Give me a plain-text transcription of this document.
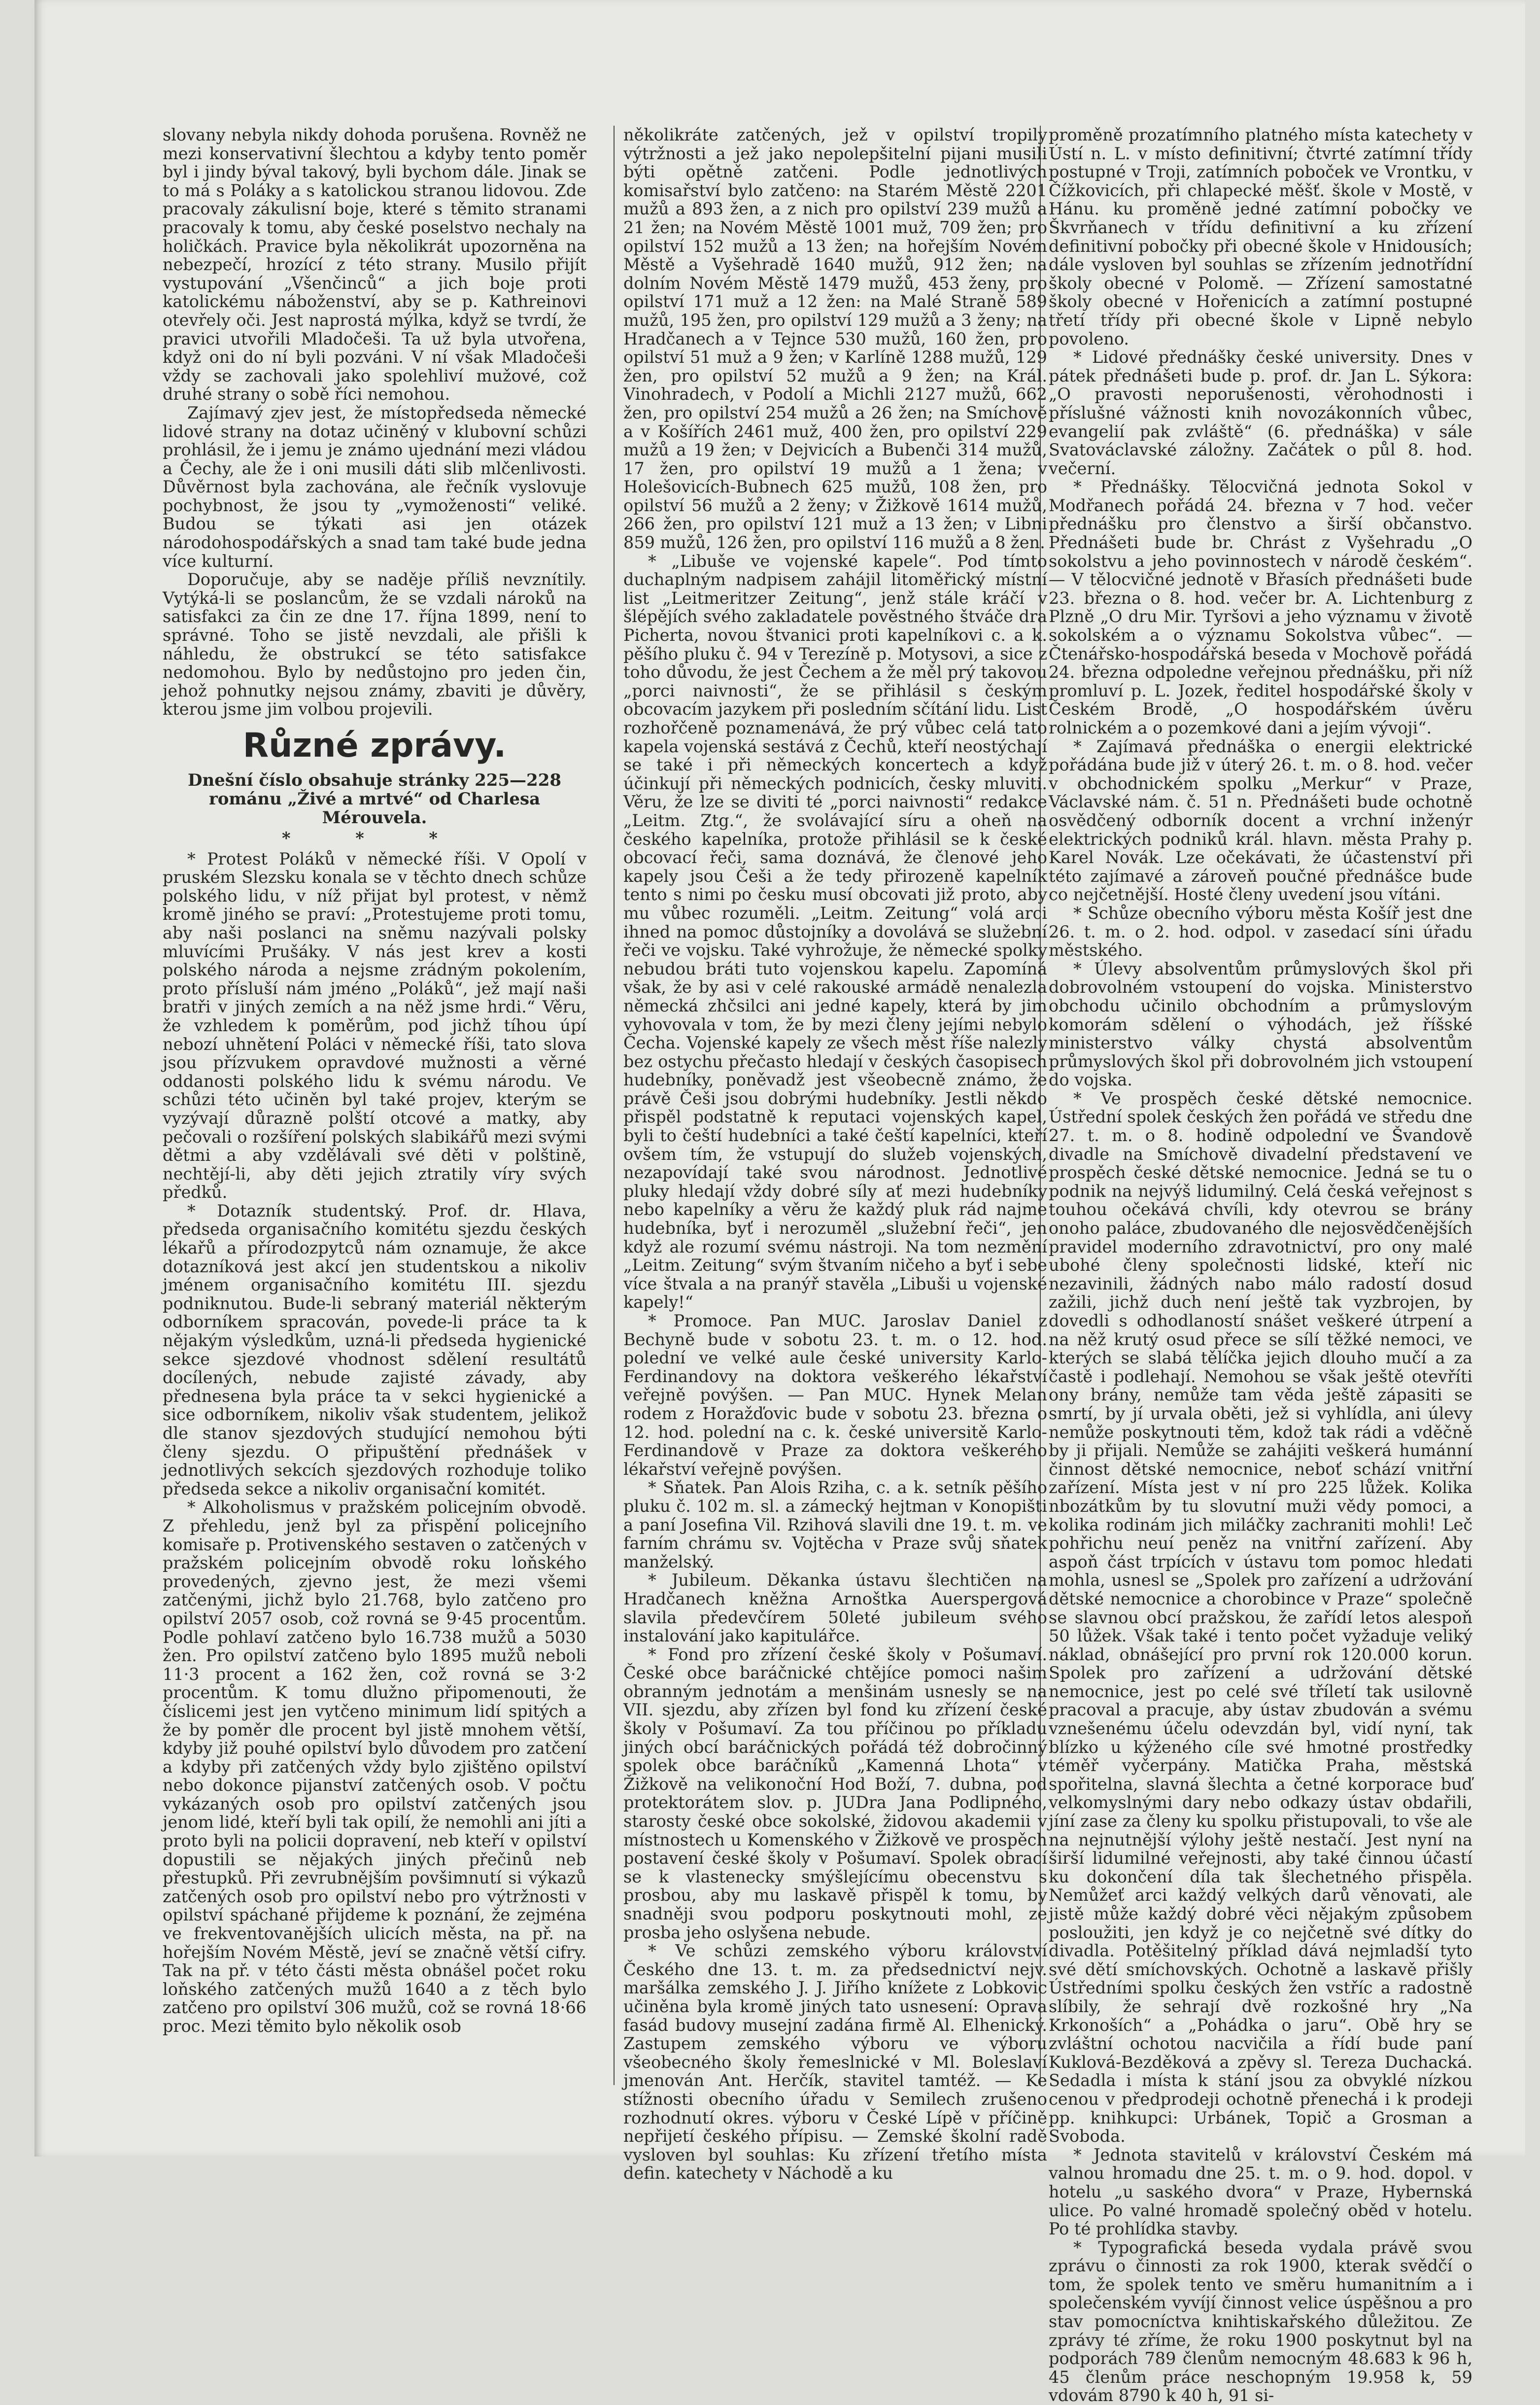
slovany nebyla nikdy dohoda porušena. Rovněž ne mezi konservativní šlechtou a kdyby tento poměr byl i jindy býval takový, byli bychom dále. Jinak se to má s Poláky a s katolickou stranou lidovou. Zde pracovaly zákulisní boje, které s těmito stranami pracovaly k tomu, aby české poselstvo nechaly na holičkách. Pravice byla několikrát upozorněna na nebezpečí, hrozící z této strany. Musilo přijít vystupování „Všenčinců“ a jich boje proti katolickému náboženství, aby se p. Kathreinovi otevřely oči. Jest naprostá mýlka, když se tvrdí, že pravici utvořili Mladočeši. Ta už byla utvořena, když oni do ní byli pozváni. V ní však Mladočeši vždy se zachovali jako spolehliví mužové, což druhé strany o sobě říci nemohou.

Zajímavý zjev jest, že místopředseda německé lidové strany na dotaz učiněný v klubovní schůzi prohlásil, že i jemu je známo ujednání mezi vládou a Čechy, ale že i oni musili dáti slib mlčenlivosti. Důvěrnost byla zachována, ale řečník vyslovuje pochybnost, že jsou ty „vymoženosti“ veliké. Budou se týkati asi jen otázek národohospodářských a snad tam také bude jedna více kulturní.

Doporučuje, aby se naděje příliš nevznítily. Vytýká-li se poslancům, že se vzdali nároků na satisfakci za čin ze dne 17. října 1899, není to správné. Toho se jistě nevzdali, ale přišli k náhledu, že obstrukcí se této satisfakce nedomohou. Bylo by nedůstojno pro jeden čin, jehož pohnutky nejsou známy, zbaviti je důvěry, kterou jsme jim volbou projevili.

Různé zprávy.

Dnešní číslo obsahuje stránky 225—228 románu „Živé a mrtvé“ od Charlesa Mérouvela.

* * *

* Protest Poláků v německé říši. V Opolí v pruském Slezsku konala se v těchto dnech schůze polského lidu, v níž přijat byl protest, v němž kromě jiného se praví: „Protestujeme proti tomu, aby naši poslanci na sněmu nazývali polsky mluvícími Prušáky. V nás jest krev a kosti polského národa a nejsme zrádným pokolením, proto přísluší nám jméno „Poláků“, jež mají naši bratři v jiných zemích a na něž jsme hrdi.“ Věru, že vzhledem k poměrům, pod jichž tíhou úpí nebozí uhnětení Poláci v německé říši, tato slova jsou přízvukem opravdové mužnosti a věrné oddanosti polského lidu k svému národu. Ve schůzi této učiněn byl také projev, kterým se vyzývají důrazně polští otcové a matky, aby pečovali o rozšíření polských slabikářů mezi svými dětmi a aby vzdělávali své děti v polštině, nechtějí-li, aby děti jejich ztratily víry svých předků.

* Dotazník studentský. Prof. dr. Hlava, předseda organisačního komitétu sjezdu českých lékařů a přírodozpytců nám oznamuje, že akce dotazníková jest akcí jen studentskou a nikoliv jménem organisačního komitétu III. sjezdu podniknutou. Bude-li sebraný materiál některým odborníkem spracován, povede-li práce ta k nějakým výsledkům, uzná-li předseda hygienické sekce sjezdové vhodnost sdělení resultátů docílených, nebude zajisté závady, aby přednesena byla práce ta v sekci hygienické a sice odborníkem, nikoliv však studentem, jelikož dle stanov sjezdových studující nemohou býti členy sjezdu. O připuštění přednášek v jednotlivých sekcích sjezdových rozhoduje toliko předseda sekce a nikoliv organisační komitét.

* Alkoholismus v pražském policejním obvodě. Z přehledu, jenž byl za přispění policejního komisaře p. Protivenského sestaven o zatčených v pražském policejním obvodě roku loňského provedených, zjevno jest, že mezi všemi zatčenými, jichž bylo 21.768, bylo zatčeno pro opilství 2057 osob, což rovná se 9·45 procentům. Podle pohlaví zatčeno bylo 16.738 mužů a 5030 žen. Pro opilství zatčeno bylo 1895 mužů neboli 11·3 procent a 162 žen, což rovná se 3·2 procentům. K tomu dlužno připomenouti, že číslicemi jest jen vytčeno minimum lidí spitých a že by poměr dle procent byl jistě mnohem větší, kdyby již pouhé opilství bylo důvodem pro zatčení a kdyby při zatčených vždy bylo zjištěno opilství nebo dokonce pijanství zatčených osob. V počtu vykázaných osob pro opilství zatčených jsou jenom lidé, kteří byli tak opilí, že nemohli ani jíti a proto byli na policii dopravení, neb kteří v opilství dopustili se nějakých jiných přečinů neb přestupků. Při zevrubnějším povšimnutí si výkazů zatčených osob pro opilství nebo pro výtržnosti v opilství spáchané přijdeme k poznání, že zejména ve frekventovanějších ulicích města, na př. na hořejším Novém Městě, jeví se značně větší cifry. Tak na př. v této části města obnášel počet roku loňského zatčených mužů 1640 a z těch bylo zatčeno pro opilství 306 mužů, což se rovná 18·66 proc. Mezi těmito bylo několik osob

několikráte zatčených, jež v opilství tropily výtržnosti a jež jako nepolepšitelní pijani musili býti opětně zatčeni. Podle jednotlivých komisařství bylo zatčeno: na Starém Městě 2201 mužů a 893 žen, a z nich pro opilství 239 mužů a 21 žen; na Novém Městě 1001 muž, 709 žen; pro opilství 152 mužů a 13 žen; na hořejším Novém Městě a Vyšehradě 1640 mužů, 912 žen; na dolním Novém Městě 1479 mužů, 453 ženy, pro opilství 171 muž a 12 žen: na Malé Straně 589 mužů, 195 žen, pro opilství 129 mužů a 3 ženy; na Hradčanech a v Tejnce 530 mužů, 160 žen, pro opilství 51 muž a 9 žen; v Karlíně 1288 mužů, 129 žen, pro opilství 52 mužů a 9 žen; na Král. Vinohradech, v Podolí a Michli 2127 mužů, 662 žen, pro opilství 254 mužů a 26 žen; na Smíchově a v Košířích 2461 muž, 400 žen, pro opilství 229 mužů a 19 žen; v Dejvicích a Bubenči 314 mužů, 17 žen, pro opilství 19 mužů a 1 žena; v Holešovicích-Bubnech 625 mužů, 108 žen, pro opilství 56 mužů a 2 ženy; v Žižkově 1614 mužů, 266 žen, pro opilství 121 muž a 13 žen; v Libni 859 mužů, 126 žen, pro opilství 116 mužů a 8 žen.

* „Libuše ve vojenské kapele“. Pod tímto duchaplným nadpisem zahájil litoměřický místní list „Leitmeritzer Zeitung“, jenž stále kráčí v šlépějích svého zakladatele pověstného štváče dra Picherta, novou štvanici proti kapelníkovi c. a k. pěšího pluku č. 94 v Terezíně p. Motysovi, a sice z toho důvodu, že jest Čechem a že měl prý takovou „porci naivnosti“, že se přihlásil s českým obcovacím jazykem při posledním sčítání lidu. List rozhořčeně poznamenává, že prý vůbec celá tato kapela vojenská sestává z Čechů, kteří neostýchají se také i při německých koncertech a když účinkují při německých podnicích, česky mluviti. Věru, že lze se diviti té „porci naivnosti“ redakce „Leitm. Ztg.“, že svolávající síru a oheň na českého kapelníka, protože přihlásil se k české obcovací řeči, sama doznává, že členové jeho kapely jsou Češi a že tedy přirozeně kapelník tento s nimi po česku musí obcovati již proto, aby mu vůbec rozuměli. „Leitm. Zeitung“ volá arci ihned na pomoc důstojníky a dovolává se služební řeči ve vojsku. Také vyhrožuje, že německé spolky nebudou bráti tuto vojenskou kapelu. Zapomíná však, že by asi v celé rakouské armádě nenalezla německá zhčsilci ani jedné kapely, která by jim vyhovovala v tom, že by mezi členy jejími nebylo Čecha. Vojenské kapely ze všech měst říše nalezly bez ostychu přečasto hledají v českých časopisech hudebníky, poněvadž jest všeobecně známo, že právě Češi jsou dobrými hudebníky. Jestli někdo přispěl podstatně k reputaci vojenských kapel, byli to čeští hudebníci a také čeští kapelníci, kteří ovšem tím, že vstupují do služeb vojenských, nezapovídají také svou národnost. Jednotlivé pluky hledají vždy dobré síly ať mezi hudebníky nebo kapelníky a věru že každý pluk rád najme hudebníka, byť i nerozuměl „služební řeči“, jen když ale rozumí svému nástroji. Na tom nezmění „Leitm. Zeitung“ svým štvaním ničeho a byť i sebe více štvala a na pranýř stavěla „Libuši u vojenské kapely!“

* Promoce. Pan MUC. Jaroslav Daniel z Bechyně bude v sobotu 23. t. m. o 12. hod. polední ve velké aule české university Karlo-Ferdinandovy na doktora veškerého lékařství veřejně povýšen. — Pan MUC. Hynek Melan rodem z Horažďovic bude v sobotu 23. března o 12. hod. polední na c. k. české universitě Karlo-Ferdinandově v Praze za doktora veškerého lékařství veřejně povýšen.

* Sňatek. Pan Alois Rziha, c. a k. setník pěšího pluku č. 102 m. sl. a zámecký hejtman v Konopišti a paní Josefina Vil. Rzihová slavili dne 19. t. m. ve farním chrámu sv. Vojtěcha v Praze svůj sňatek manželský.

* Jubileum. Děkanka ústavu šlechtičen na Hradčanech kněžna Arnoštka Auerspergová slavila předevčírem 50leté jubileum svého instalování jako kapitulářce.

* Fond pro zřízení české školy v Pošumaví. České obce baráčnické chtějíce pomoci našim obranným jednotám a menšinám usnesly se na VII. sjezdu, aby zřízen byl fond ku zřízení české školy v Pošumaví. Za tou příčinou po příkladu jiných obcí baráčnických pořádá též dobročinný spolek obce baráčníků „Kamenná Lhota“ v Žižkově na velikonoční Hod Boží, 7. dubna, pod protektorátem slov. p. JUDra Jana Podlipného, starosty české obce sokolské, židovou akademii v místnostech u Komenského v Žižkově ve prospěch postavení české školy v Pošumaví. Spolek obrací se k vlastenecky smýšlejícímu obecenstvu s prosbou, aby mu laskavě přispěl k tomu, by snadněji svou podporu poskytnouti mohl, ze prosba jeho oslyšena nebude.

* Ve schůzi zemského výboru království Českého dne 13. t. m. za předsednictví nejv. maršálka zemského J. J. Jiřího knížete z Lobkovic učiněna byla kromě jiných tato usnesení: Oprava fasád budovy musejní zadána firmě Al. Elhenický. Zastupem zemského výboru ve výboru všeobecného školy řemeslnické v Ml. Boleslaví jmenován Ant. Herčík, stavitel tamtéž. — Ke stížnosti obecního úřadu v Semilech zrušeno rozhodnutí okres. výboru v České Lípě v příčině nepřijetí českého přípisu. — Zemské školní radě vysloven byl souhlas: Ku zřízení třetího místa defin. katechety v Náchodě a ku

proměně prozatímního platného místa katechety v Ústí n. L. v místo definitivní; čtvrté zatímní třídy postupné v Troji, zatímních poboček ve Vrontku, v Čížkovicích, při chlapecké měšť. škole v Mostě, v Hánu. ku proměně jedné zatímní pobočky ve Škvrňanech v třídu definitivní a ku zřízení definitivní pobočky při obecné škole v Hnidousích; dále vysloven byl souhlas se zřízením jednotřídní školy obecné v Polomě. — Zřízení samostatné školy obecné v Hořenicích a zatímní postupné třetí třídy při obecné škole v Lipně nebylo povoleno.

* Lidové přednášky české university. Dnes v pátek přednášeti bude p. prof. dr. Jan L. Sýkora: „O pravosti neporušenosti, věrohodnosti i příslušné vážnosti knih novozákonních vůbec, evangelií pak zvláště“ (6. přednáška) v sále Svatováclavské záložny. Začátek o půl 8. hod. večerní.

* Přednášky. Tělocvičná jednota Sokol v Modřanech pořádá 24. března v 7 hod. večer přednášku pro členstvo a širší občanstvo. Přednášeti bude br. Chrást z Vyšehradu „O sokolstvu a jeho povinnostech v národě českém“. — V tělocvičné jednotě v Břasích přednášeti bude 23. března o 8. hod. večer br. A. Lichtenburg z Plzně „O dru Mir. Tyršovi a jeho významu v životě sokolském a o významu Sokolstva vůbec“. — Čtenářsko-hospodářská beseda v Mochově pořádá 24. března odpoledne veřejnou přednášku, při níž promluví p. L. Jozek, ředitel hospodářské školy v Českém Brodě, „O hospodářském úvěru rolnickém a o pozemkové dani a jejím vývoji“.

* Zajímavá přednáška o energii elektrické pořádána bude již v úterý 26. t. m. o 8. hod. večer v obchodnickém spolku „Merkur“ v Praze, Václavské nám. č. 51 n. Přednášeti bude ochotně osvědčený odborník docent a vrchní inženýr elektrických podniků král. hlavn. města Prahy p. Karel Novák. Lze očekávati, že účastenství při této zajímavé a zároveň poučné přednášce bude co nejčetnější. Hosté členy uvedení jsou vítáni.

* Schůze obecního výboru města Košíř jest dne 26. t. m. o 2. hod. odpol. v zasedací síni úřadu městského.

* Úlevy absolventům průmyslových škol při dobrovolném vstoupení do vojska. Ministerstvo obchodu učinilo obchodním a průmyslovým komorám sdělení o výhodách, jež říšské ministerstvo války chystá absolventům průmyslových škol při dobrovolném jich vstoupení do vojska.

* Ve prospěch české dětské nemocnice. Ústřední spolek českých žen pořádá ve středu dne 27. t. m. o 8. hodině odpolední ve Švandově divadle na Smíchově divadelní představení ve prospěch české dětské nemocnice. Jedná se tu o podnik na nejvýš lidumilný. Celá česká veřejnost s touhou očekává chvíli, kdy otevrou se brány onoho paláce, zbudovaného dle nejosvědčenějších pravidel moderního zdravotnictví, pro ony malé ubohé členy společnosti lidské, kteří nic nezavinili, žádných nabo málo radostí dosud zažili, jichž duch není ještě tak vyzbrojen, by dovedli s odhodlaností snášet veškeré útrpení a na něž krutý osud přece se sílí těžké nemoci, ve kterých se slabá tělíčka jejich dlouho mučí a za častě i podlehají. Nemohou se však ještě otevříti ony brány, nemůže tam věda ještě zápasiti se smrtí, by jí urvala oběti, jež si vyhlídla, ani úlevy nemůže poskytnouti těm, kdož tak rádi a vděčně by ji přijali. Nemůže se zahájiti veškerá humánní činnost dětské nemocnice, neboť schází vnitřní zařízení. Místa jest v ní pro 225 lůžek. Kolika nbozátkům by tu slovutní muži vědy pomoci, a kolika rodinám jich miláčky zachraniti mohli! Leč pohřichu neuí peněz na vnitřní zařízení. Aby aspoň část trpících v ústavu tom pomoc hledati mohla, usnesl se „Spolek pro zařízení a udržování dětské nemocnice a chorobince v Praze“ společně se slavnou obcí pražskou, že zařídí letos alespoň 50 lůžek. Však také i tento počet vyžaduje veliký náklad, obnášející pro první rok 120.000 korun. Spolek pro zařízení a udržování dětské nemocnice, jest po celé své tříletí tak usilovně pracoval a pracuje, aby ústav zbudován a svému vznešenému účelu odevzdán byl, vidí nyní, tak blízko u kýženého cíle své hmotné prostředky téměř vyčerpány. Matička Praha, městská spořitelna, slavná šlechta a četné korporace buď velkomyslnými dary nebo odkazy ústav obdařili, jíní zase za členy ku spolku přistupovali, to vše ale na nejnutnější výlohy ještě nestačí. Jest nyní na širší lidumilné veřejnosti, aby také činnou účastí ku dokončení díla tak šlechetného přispěla. Nemůžeť arci každý velkých darů věnovati, ale jistě může každý dobré věci nějakým způsobem posloužiti, jen když je co nejčetně své dítky do divadla. Potěšitelný příklad dává nejmladší tyto své dětí smíchovských. Ochotně a laskavě přišly Ústředními spolku českých žen vstříc a radostně slíbily, že sehrají dvě rozkošné hry „Na Krkonoších“ a „Pohádka o jaru“. Obě hry se zvláštní ochotou nacvičila a řídí bude paní Kuklová-Bezděková a zpěvy sl. Tereza Duchacká. Sedadla i místa k stání jsou za obvyklé nízkou cenou v předprodeji ochotně přenechá i k prodeji pp. knihkupci: Urbánek, Topič a Grosman a Svoboda.

* Jednota stavitelů v království Českém má valnou hromadu dne 25. t. m. o 9. hod. dopol. v hotelu „u saského dvora“ v Praze, Hybernská ulice. Po valné hromadě společný oběd v hotelu. Po té prohlídka stavby.

* Typografická beseda vydala právě svou zprávu o činnosti za rok 1900, kterak svědčí o tom, že spolek tento ve směru humanitním a i společenském vyvíjí činnost velice úspěšnou a pro stav pomocníctva knihtiskařského důležitou. Ze zprávy té zříme, že roku 1900 poskytnut byl na podporách 789 členům nemocným 48.683 k 96 h, 45 členům práce neschopným 19.958 k, 59 vdovám 8790 k 40 h, 91 si-
